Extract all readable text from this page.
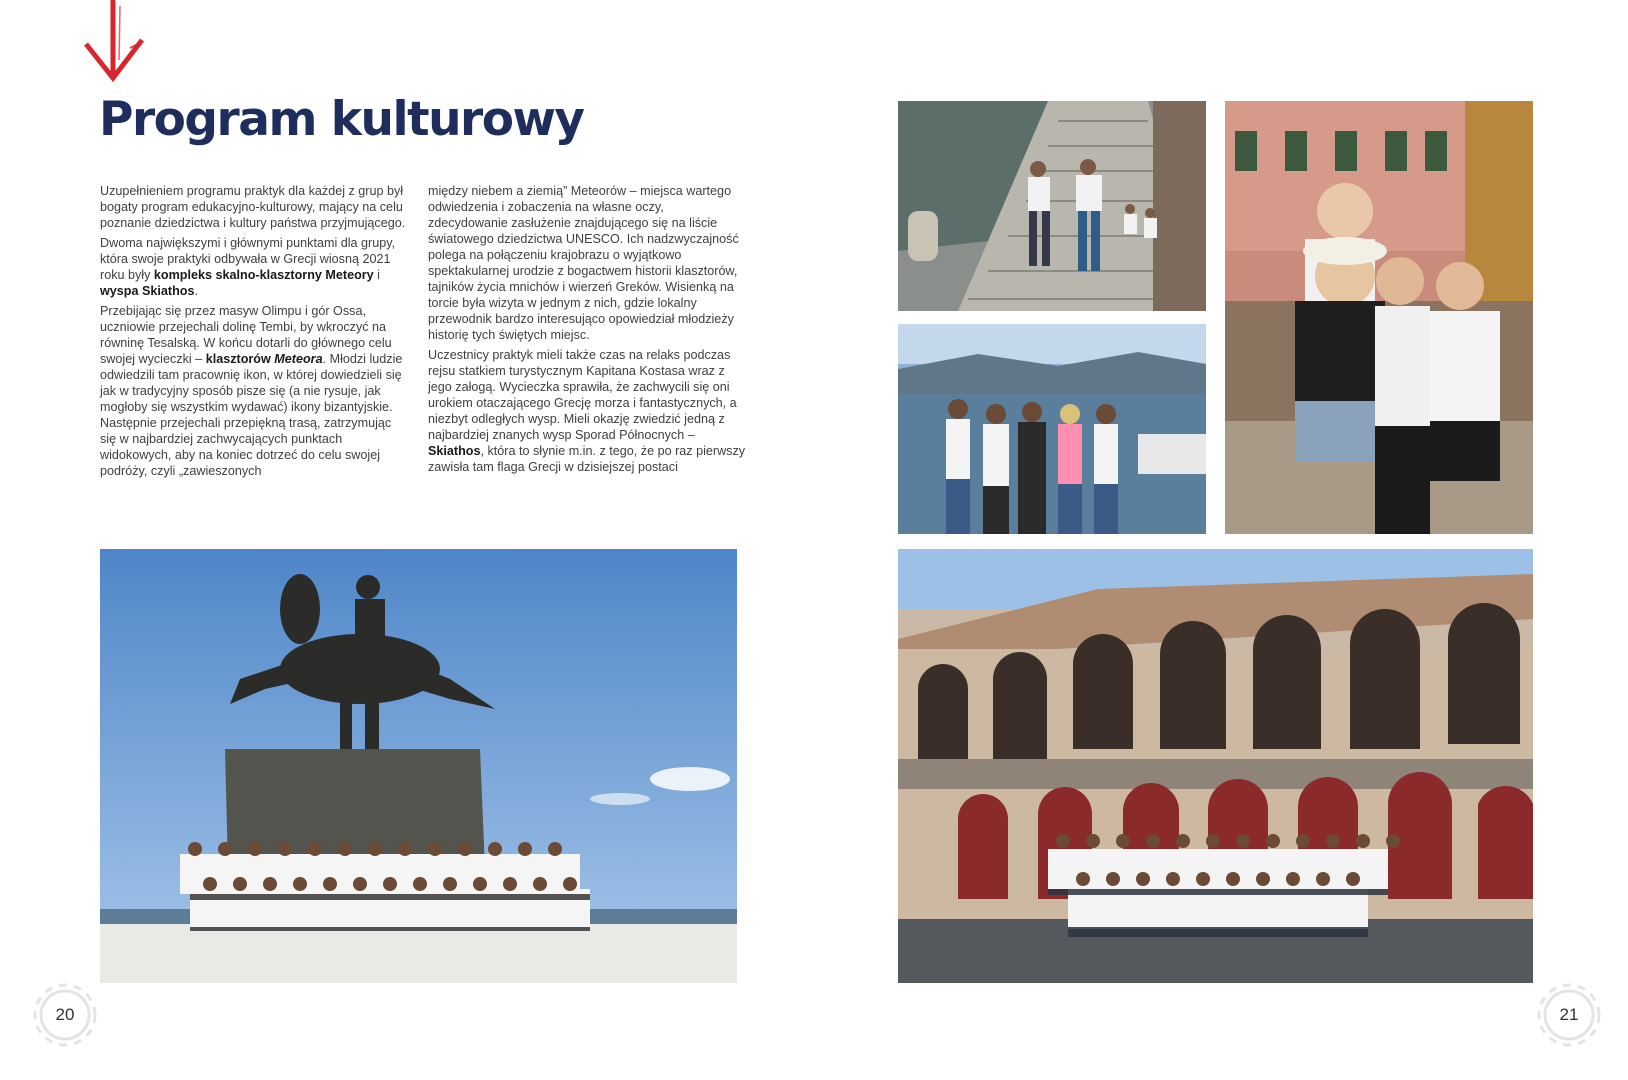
Program kulturowy

Uzupełnieniem programu praktyk dla każdej z grup był bogaty program edukacyjno-kulturowy, mający na celu poznanie dziedzictwa i kultury państwa przyjmującego.

Dwoma największymi i głównymi punktami dla grupy, która swoje praktyki odbywała w Grecji wiosną 2021 roku były kompleks skalno-klasztorny Meteory i wyspa Skiathos.

Przebijając się przez masyw Olimpu i gór Ossa, uczniowie przejechali dolinę Tembi, by wkroczyć na równinę Tesalską. W końcu dotarli do głównego celu swojej wycieczki – klasztorów Meteora. Młodzi ludzie odwiedzili tam pracownię ikon, w której dowiedzieli się jak w tradycyjny sposób pisze się (a nie rysuje, jak mogłoby się wszystkim wydawać) ikony bizantyjskie. Następnie przejechali przepiękną trasą, zatrzymując się w najbardziej zachwycających punktach widokowych, aby na koniec dotrzeć do celu swojej podróży, czyli „zawieszonych

między niebem a ziemią” Meteorów – miejsca wartego odwiedzenia i zobaczenia na własne oczy, zdecydowanie zasłużenie znajdującego się na liście światowego dziedzictwa UNESCO. Ich nadzwyczajność polega na połączeniu krajobrazu o wyjątkowo spektakularnej urodzie z bogactwem historii klasztorów, tajników życia mnichów i wierzeń Greków. Wisienką na torcie była wizyta w jednym z nich, gdzie lokalny przewodnik bardzo interesująco opowiedział młodzieży historię tych świętych miejsc.

Uczestnicy praktyk mieli także czas na relaks podczas rejsu statkiem turystycznym Kapitana Kostasa wraz z jego załogą. Wycieczka sprawiła, że zachwycili się oni urokiem otaczającego Grecję morza i fantastycznych, a niezbyt odległych wysp. Mieli okazję zwiedzić jedną z najbardziej znanych wysp Sporad Północnych – Skiathos, która to słynie m.in. z tego, że po raz pierwszy zawisła tam flaga Grecji w dzisiejszej postaci

20	21
